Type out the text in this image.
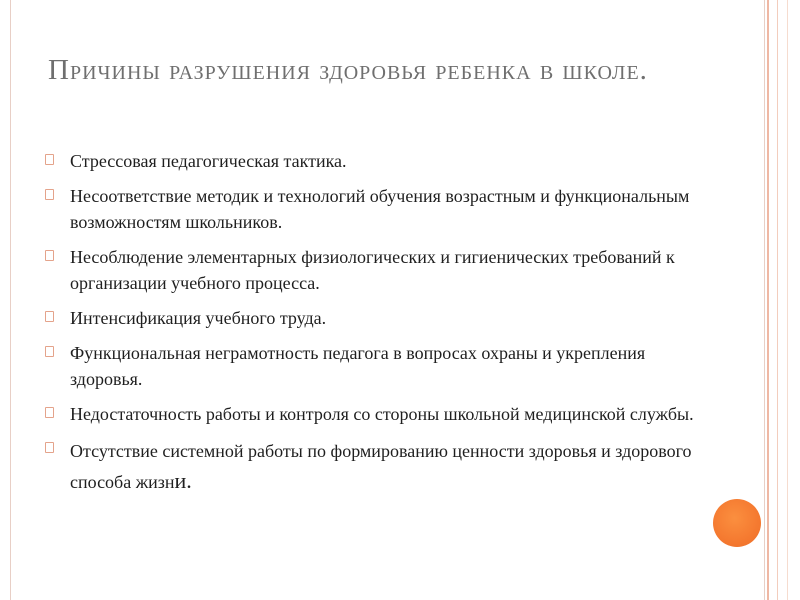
Причины разрушения здоровья ребенка в школе.
Стрессовая педагогическая тактика.
Несоответствие методик и технологий обучения возрастным и функциональным возможностям школьников.
Несоблюдение элементарных физиологических и гигиенических требований к организации учебного процесса.
Интенсификация учебного труда.
Функциональная неграмотность педагога в вопросах охраны и укрепления здоровья.
Недостаточность работы и контроля со стороны школьной медицинской службы.
Отсутствие системной работы по формированию ценности здоровья и здорового способа жизни.
